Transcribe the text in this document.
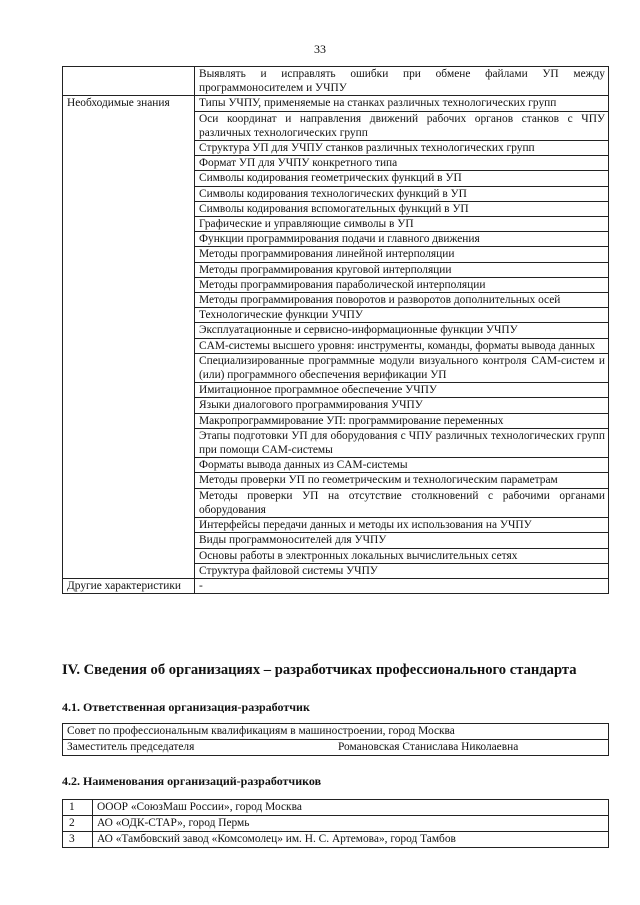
33
	Выявлять и исправлять ошибки при обмене файлами УП между программоносителем и УЧПУ
Необходимые знания	Типы УЧПУ, применяемые на станках различных технологических групп
	Оси координат и направления движений рабочих органов станков с ЧПУ различных технологических групп
	Структура УП для УЧПУ станков различных технологических групп
	Формат УП для УЧПУ конкретного типа
	Символы кодирования геометрических функций в УП
	Символы кодирования технологических функций в УП
	Символы кодирования вспомогательных функций в УП
	Графические и управляющие символы в УП
	Функции программирования подачи и главного движения
	Методы программирования линейной интерполяции
	Методы программирования круговой интерполяции
	Методы программирования параболической интерполяции
	Методы программирования поворотов и разворотов дополнительных осей
	Технологические функции УЧПУ
	Эксплуатационные и сервисно-информационные функции УЧПУ
	CAM-системы высшего уровня: инструменты, команды, форматы вывода данных
	Специализированные программные модули визуального контроля CAM-систем и (или) программного обеспечения верификации УП
	Имитационное программное обеспечение УЧПУ
	Языки диалогового программирования УЧПУ
	Макропрограммирование УП: программирование переменных
	Этапы подготовки УП для оборудования с ЧПУ различных технологических групп при помощи CAM-системы
	Форматы вывода данных из CAM-системы
	Методы проверки УП по геометрическим и технологическим параметрам
	Методы проверки УП на отсутствие столкновений с рабочими органами оборудования
	Интерфейсы передачи данных и методы их использования на УЧПУ
	Виды программоносителей для УЧПУ
	Основы работы в электронных локальных вычислительных сетях
	Структура файловой системы УЧПУ
Другие характеристики	-
IV. Сведения об организациях – разработчиках профессионального стандарта
4.1. Ответственная организация-разработчик
Совет по профессиональным квалификациям в машиностроении, город Москва
Заместитель председателя	Романовская Станислава Николаевна
4.2. Наименования организаций-разработчиков
1	ОООР «СоюзМаш России», город Москва
2	АО «ОДК-СТАР», город Пермь
3	АО «Тамбовский завод «Комсомолец» им. Н. С. Артемова», город Тамбов
